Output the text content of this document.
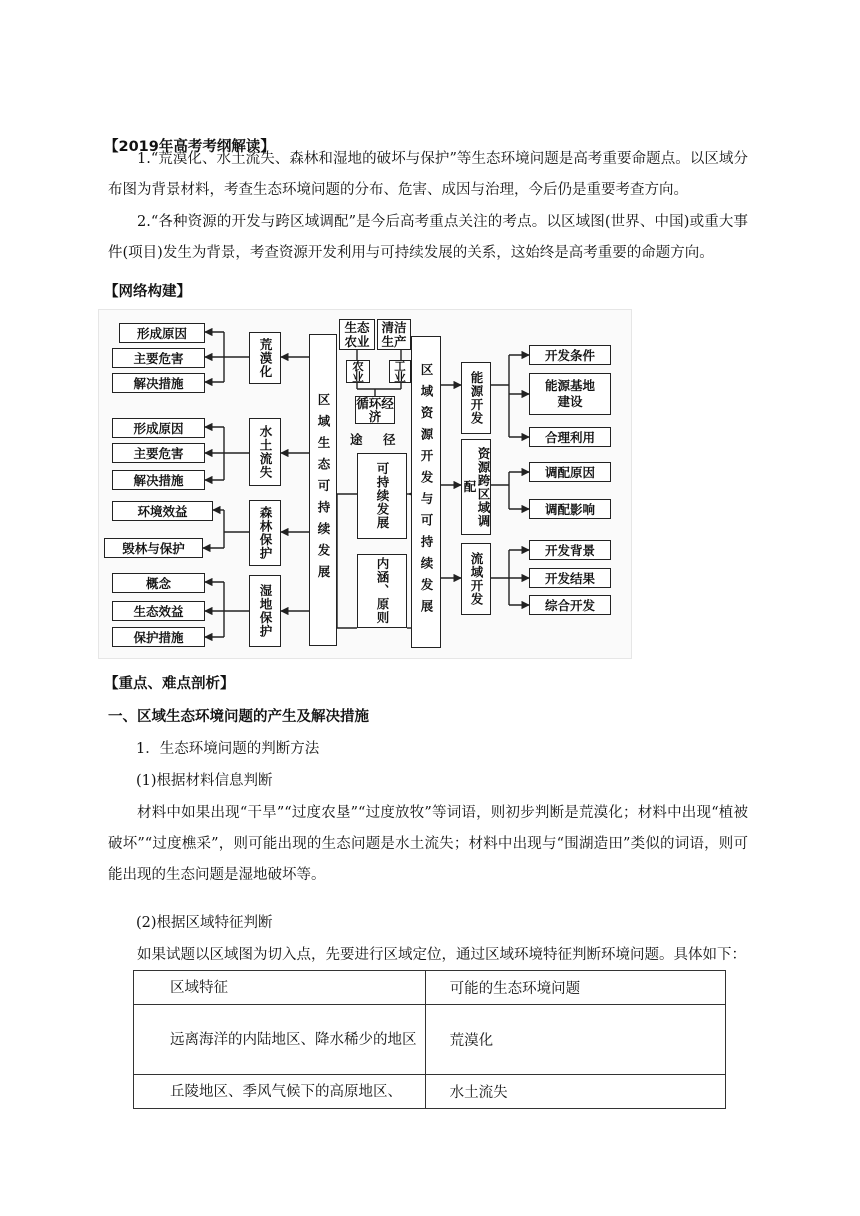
【2019年高考考纲解读】
1.“荒漠化、水土流失、森林和湿地的破坏与保护”等生态环境问题是高考重要命题点。以区域分布图为背景材料，考查生态环境问题的分布、危害、成因与治理，今后仍是重要考查方向。
2.“各种资源的开发与跨区域调配”是今后高考重点关注的考点。以区域图(世界、中国)或重大事件(项目)发生为背景，考查资源开发利用与可持续发展的关系，这始终是高考重要的命题方向。
【网络构建】
形成原因
主要危害
解决措施
荒漠化
形成原因
主要危害
解决措施
水土流失
环境效益
毁林与保护	森林保护
概念
生态效益
保护措施	湿地保护
区域生态可持续发展
生态农业
清洁生产
农业
工业
循环经济
途 径
可持续发展
内涵、原则	区域资源开发与可持续发展	能源开发
开发条件
能源基地建设
合理利用
资源跨区域调配
调配原因
调配影响
流域开发
开发背景
开发结果
综合开发
【重点、难点剖析】
一、区域生态环境问题的产生及解决措施
1．生态环境问题的判断方法
(1)根据材料信息判断
材料中如果出现“干旱”“过度农垦”“过度放牧”等词语，则初步判断是荒漠化；材料中出现“植被破坏”“过度樵采”，则可能出现的生态问题是水土流失；材料中出现与“围湖造田”类似的词语，则可能出现的生态问题是湿地破坏等。
(2)根据区域特征判断
如果试题以区域图为切入点，先要进行区域定位，通过区域环境特征判断环境问题。具体如下：
区域特征	可能的生态环境问题

远离海洋的内陆地区、降水稀少的地区	荒漠化

丘陵地区、季风气候下的高原地区、	水土流失
